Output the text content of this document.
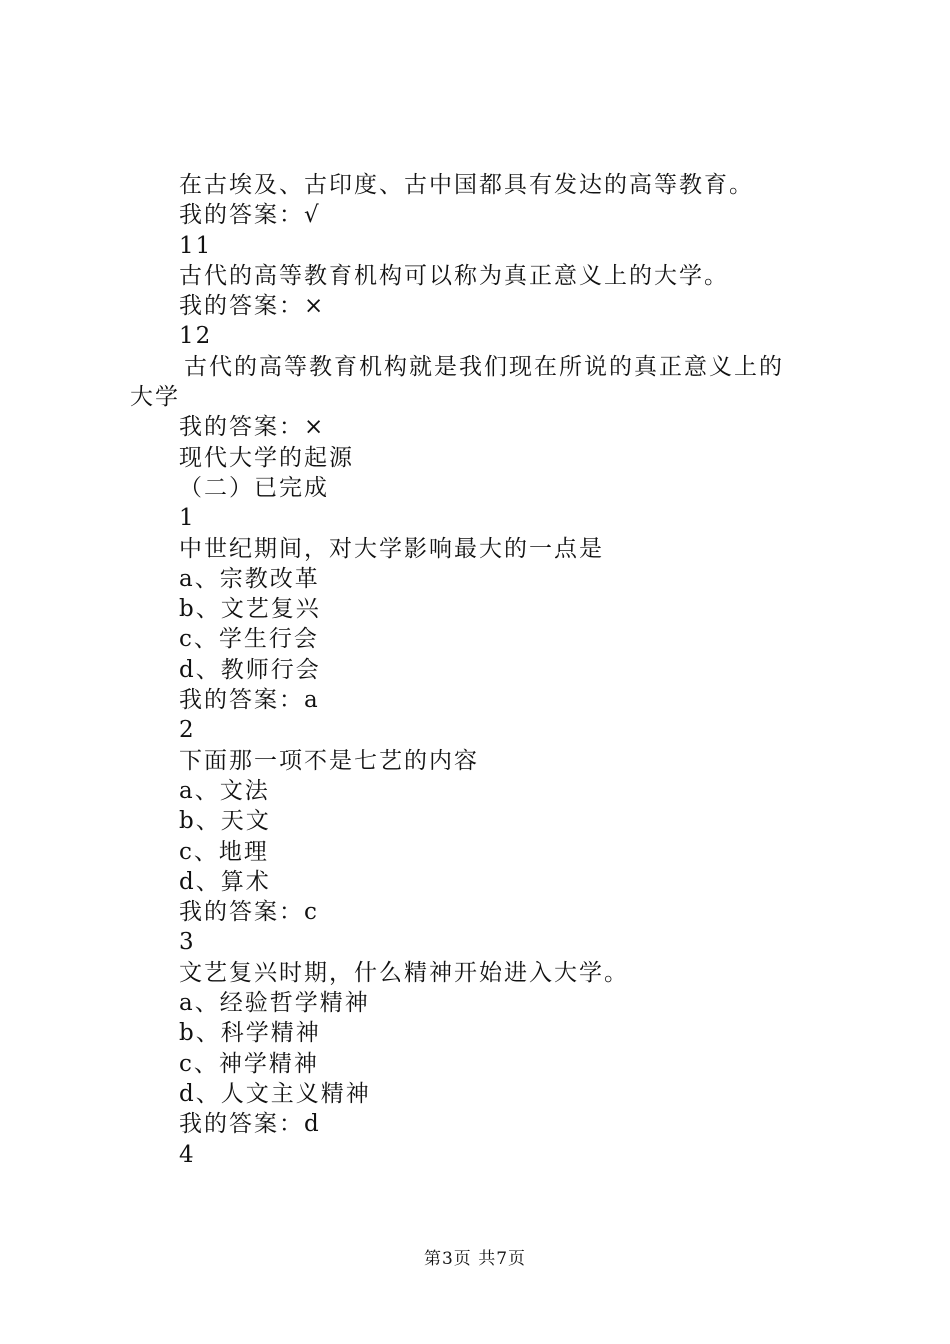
在古埃及、古印度、古中国都具有发达的高等教育。
我的答案：√
11
古代的高等教育机构可以称为真正意义上的大学。
我的答案：×
12
古代的高等教育机构就是我们现在所说的真正意义上的大学
我的答案：×
现代大学的起源
（二）已完成
1
中世纪期间，对大学影响最大的一点是
a、宗教改革
b、文艺复兴
c、学生行会
d、教师行会
我的答案：a
2
下面那一项不是七艺的内容
a、文法
b、天文
c、地理
d、算术
我的答案：c
3
文艺复兴时期，什么精神开始进入大学。
a、经验哲学精神
b、科学精神
c、神学精神
d、人文主义精神
我的答案：d
4
第3页 共7页
